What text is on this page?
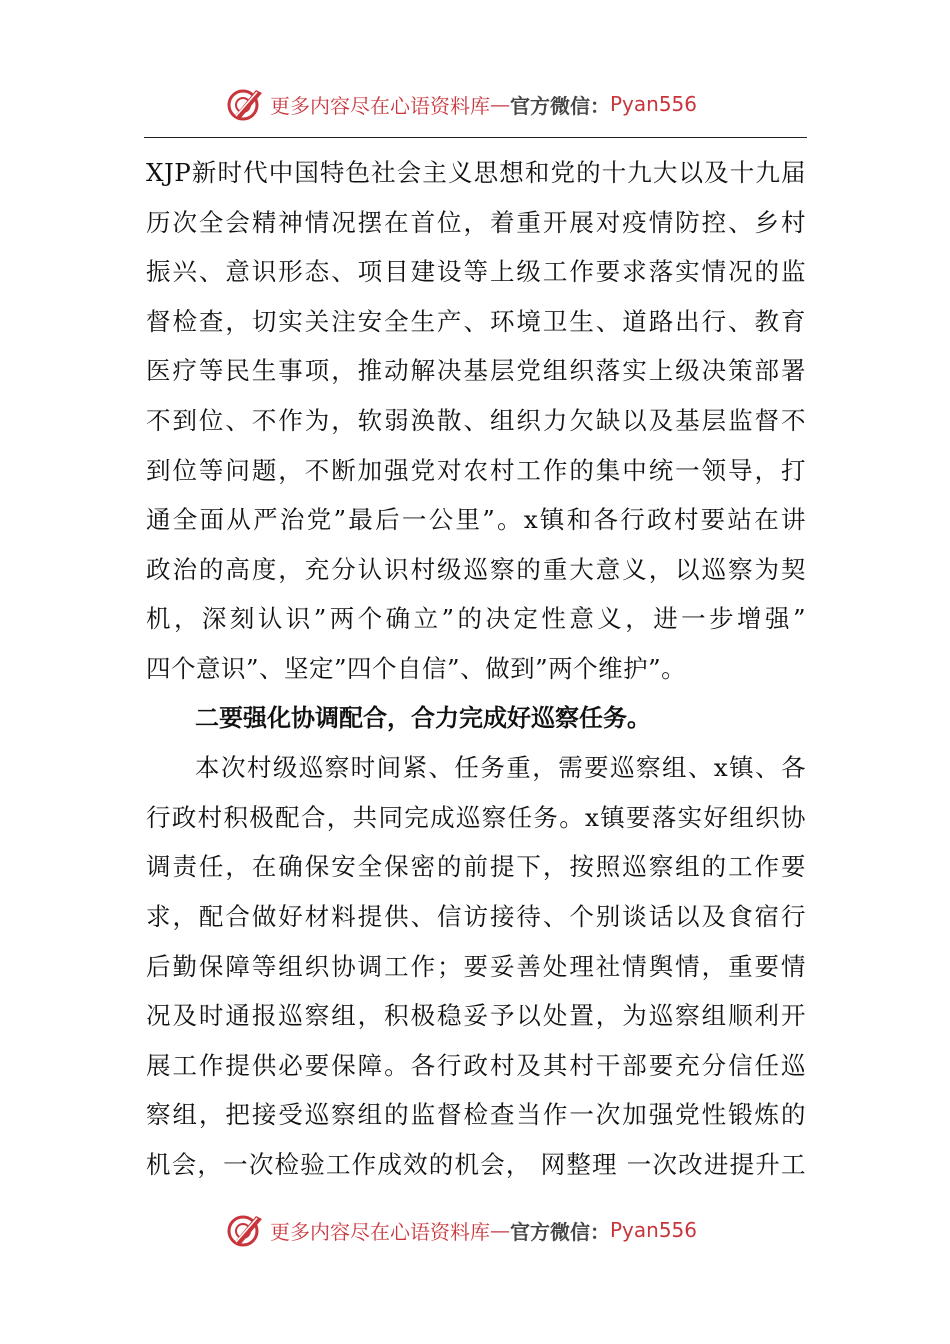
更多内容尽在心语资料库 — 官方微信： Pyan556
XJP新时代中国特色社会主义思想和党的十九大以及十九届
历次全会精神情况摆在首位，着重开展对疫情防控、乡村
振兴、意识形态、项目建设等上级工作要求落实情况的监
督检查，切实关注安全生产、环境卫生、道路出行、教育
医疗等民生事项，推动解决基层党组织落实上级决策部署
不到位、不作为，软弱涣散、组织力欠缺以及基层监督不
到位等问题，不断加强党对农村工作的集中统一领导，打
通全面从严治党”最后一公里”。x镇和各行政村要站在讲
政治的高度，充分认识村级巡察的重大意义，以巡察为契
机，深刻认识”两个确立”的决定性意义，进一步增强”
四个意识”、坚定”四个自信”、做到”两个维护”。
二要强化协调配合，合力完成好巡察任务。
本次村级巡察时间紧、任务重，需要巡察组、x镇、各
行政村积极配合，共同完成巡察任务。x镇要落实好组织协
调责任，在确保安全保密的前提下，按照巡察组的工作要
求，配合做好材料提供、信访接待、个别谈话以及食宿行
后勤保障等组织协调工作；要妥善处理社情舆情，重要情
况及时通报巡察组，积极稳妥予以处置，为巡察组顺利开
展工作提供必要保障。各行政村及其村干部要充分信任巡
察组，把接受巡察组的监督检查当作一次加强党性锻炼的
机会，一次检验工作成效的机会， 网整理 一次改进提升工
更多内容尽在心语资料库 — 官方微信： Pyan556
